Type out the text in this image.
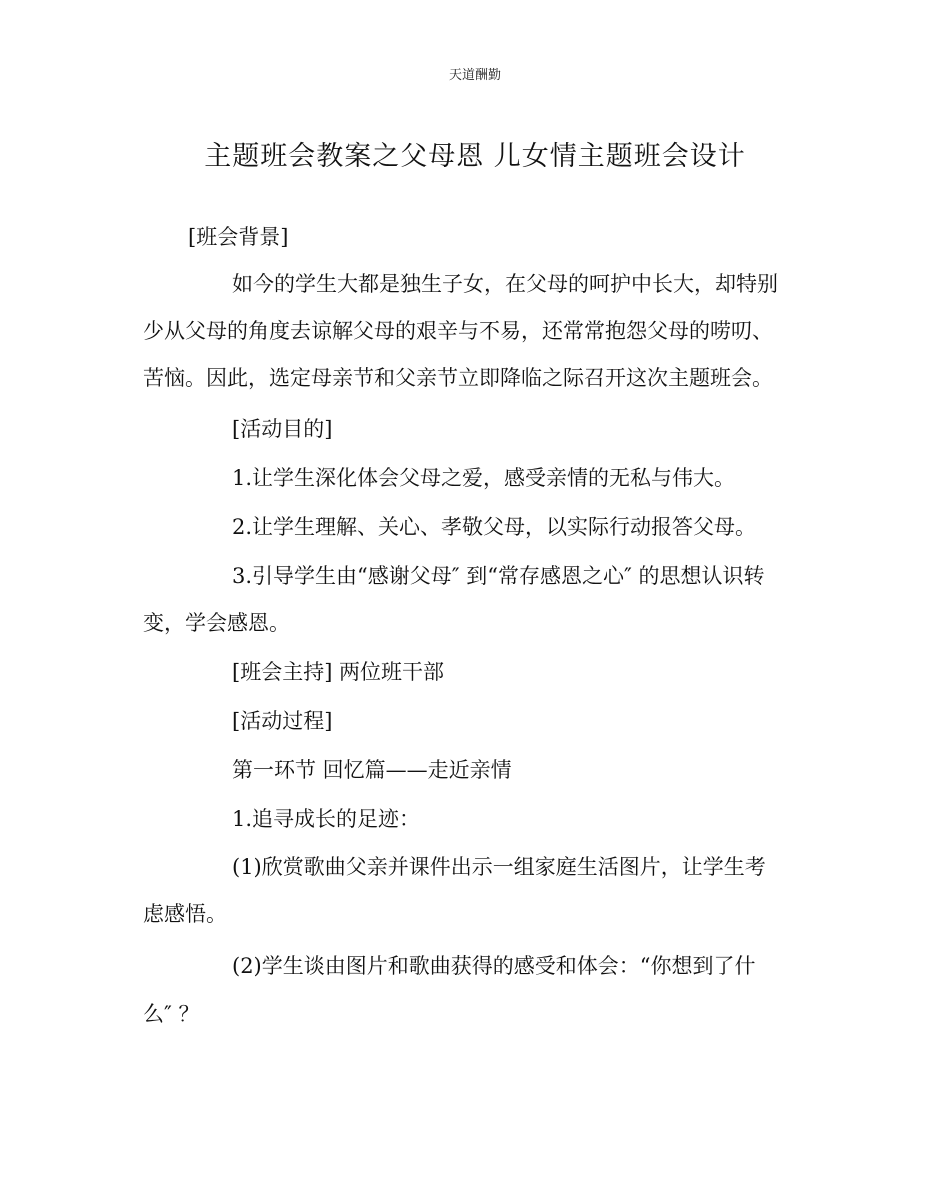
天道酬勤
主题班会教案之父母恩 儿女情主题班会设计
[班会背景]
如今的学生大都是独生子女，在父母的呵护中长大，却特别
少从父母的角度去谅解父母的艰辛与不易，还常常抱怨父母的唠叨、
苦恼。因此，选定母亲节和父亲节立即降临之际召开这次主题班会。
[活动目的]
1.让学生深化体会父母之爱，感受亲情的无私与伟大。
2.让学生理解、关心、孝敬父母，以实际行动报答父母。
3.引导学生由“感谢父母″ 到“常存感恩之心″ 的思想认识转
变，学会感恩。
[班会主持] 两位班干部
[活动过程]
第一环节 回忆篇——走近亲情
1.追寻成长的足迹：
(1)欣赏歌曲父亲并课件出示一组家庭生活图片，让学生考
虑感悟。
(2)学生谈由图片和歌曲获得的感受和体会：“你想到了什
么″ ？
